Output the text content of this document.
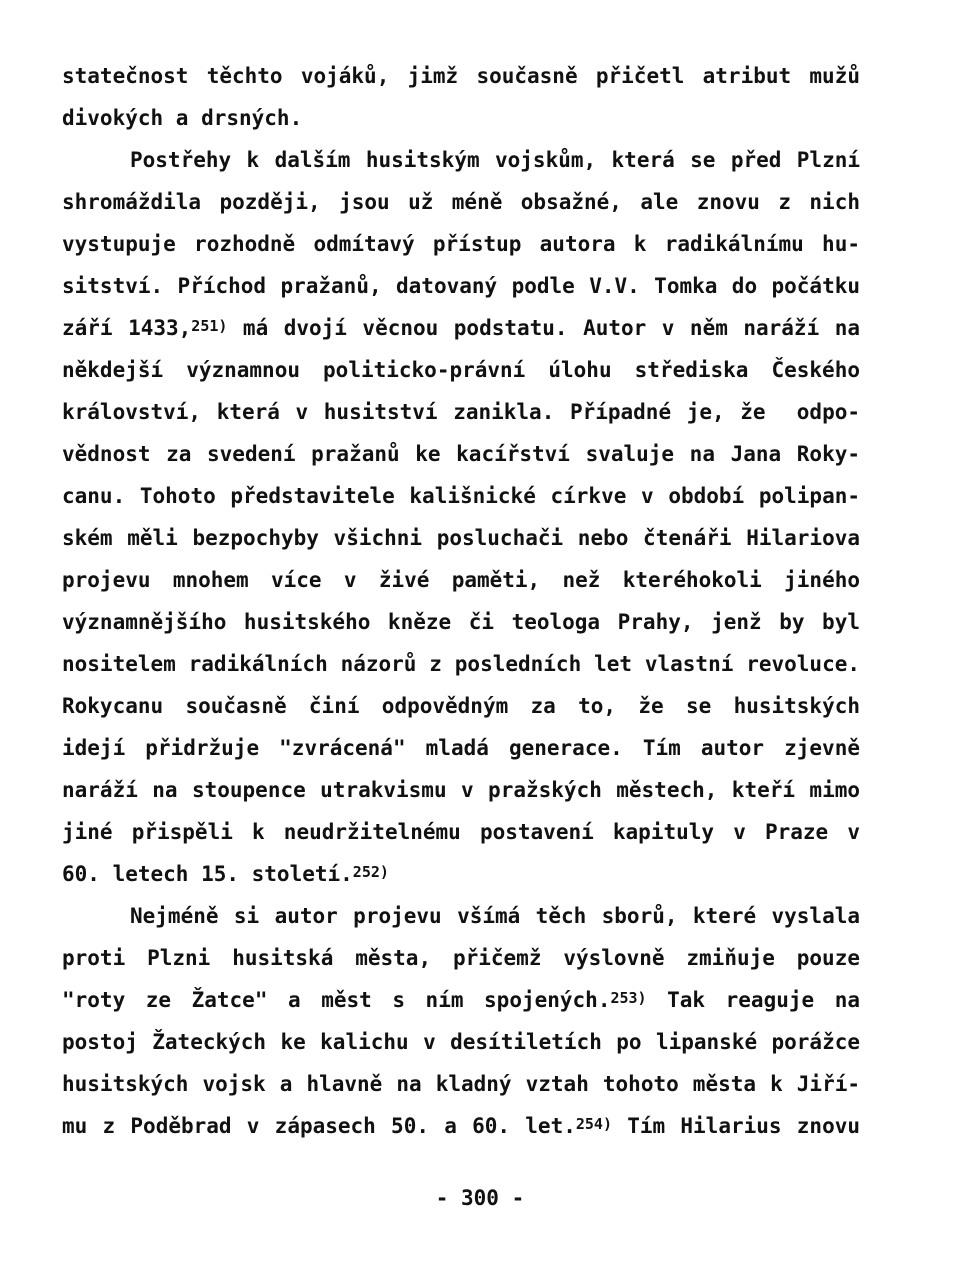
statečnost těchto vojáků, jimž současně přičetl atribut mužů
divokých a drsných.
Postřehy k dalším husitským vojskům, která se před Plzní
shromáždila později, jsou už méně obsažné, ale znovu z nich
vystupuje rozhodně odmítavý přístup autora k radikálnímu hu-
sitství. Příchod pražanů, datovaný podle V.V. Tomka do počátku
září 1433,$^{251)}$ má dvojí věcnou podstatu. Autor v něm naráží na
někdejší významnou politicko-právní úlohu střediska Českého
království, která v husitství zanikla. Případné je, že  odpo-
vědnost za svedení pražanů ke kacířství svaluje na Jana Roky-
canu. Tohoto představitele kališnické církve v období polipan-
ském měli bezpochyby všichni posluchači nebo čtenáři Hilariova
projevu mnohem více v živé paměti, než kteréhokoli jiného
významnějšího husitského kněze či teologa Prahy, jenž by byl
nositelem radikálních názorů z posledních let vlastní revoluce.
Rokycanu současně činí odpovědným za to, že se husitských
idejí přidržuje "zvrácená" mladá generace. Tím autor zjevně
naráží na stoupence utrakvismu v pražských městech, kteří mimo
jiné přispěli k neudržitelnému postavení kapituly v Praze v
60. letech 15. století.$^{252)}$
Nejméně si autor projevu všímá těch sborů, které vyslala
proti Plzni husitská města, přičemž výslovně zmiňuje pouze
"roty ze Žatce" a měst s ním spojených.$^{253)}$ Tak reaguje na
postoj Žateckých ke kalichu v desítiletích po lipanské porážce
husitských vojsk a hlavně na kladný vztah tohoto města k Jiří-
mu z Poděbrad v zápasech 50. a 60. let.$^{254)}$ Tím Hilarius znovu
- 300 -
